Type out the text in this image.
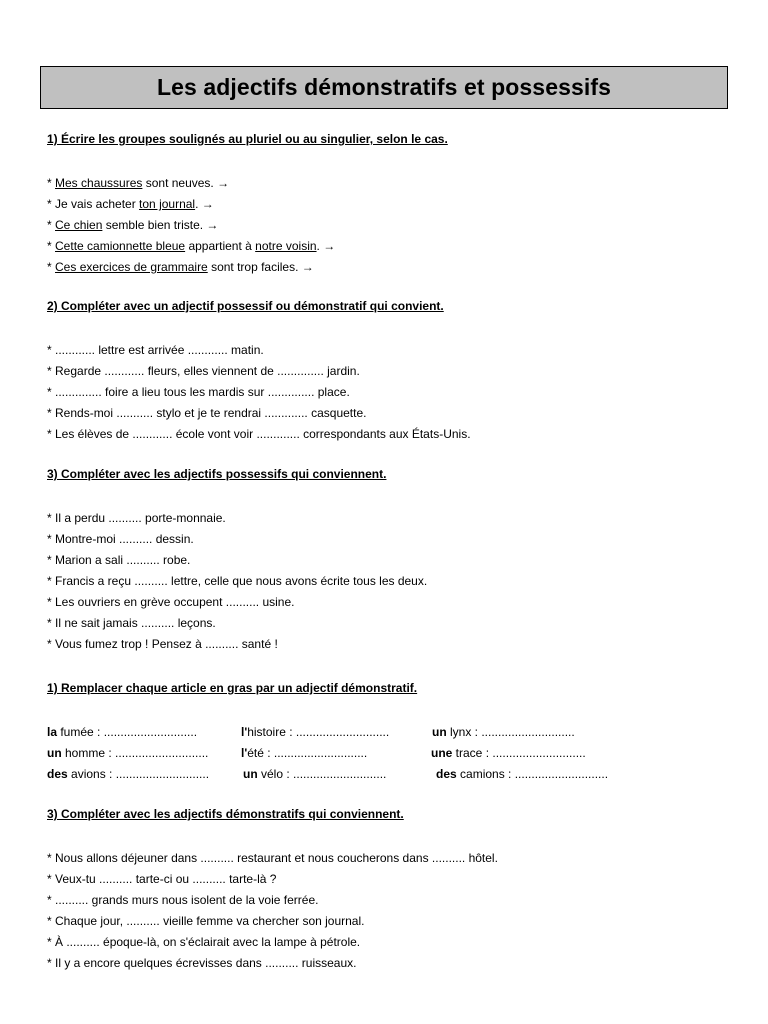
Les adjectifs démonstratifs et possessifs
1) Écrire les groupes soulignés au pluriel ou au singulier, selon le cas.
* Mes chaussures sont neuves. →
* Je vais acheter ton journal. →
* Ce chien semble bien triste. →
* Cette camionnette bleue appartient à notre voisin. →
* Ces exercices de grammaire sont trop faciles. →
2) Compléter avec un adjectif possessif ou démonstratif qui convient.
* ............ lettre est arrivée ............ matin.
* Regarde ............ fleurs, elles viennent de .............. jardin.
* .............. foire a lieu tous les mardis sur .............. place.
* Rends-moi ........... stylo et je te rendrai ............. casquette.
* Les élèves de ............ école vont voir ............. correspondants aux États-Unis.
3) Compléter avec les adjectifs possessifs qui conviennent.
* Il a perdu .......... porte-monnaie.
* Montre-moi .......... dessin.
* Marion a sali .......... robe.
* Francis a reçu .......... lettre, celle que nous avons écrite tous les deux.
* Les ouvriers en grève occupent .......... usine.
* Il ne sait jamais .......... leçons.
* Vous fumez trop ! Pensez à .......... santé !
1) Remplacer chaque article en gras par un adjectif démonstratif.
la fumée : ............................	l'histoire : ............................	un lynx : ............................
un homme : ............................	l'été : ............................	une trace : ............................
des avions : ............................	un vélo : ............................	des camions : ............................
3) Compléter avec les adjectifs démonstratifs qui conviennent.
* Nous allons déjeuner dans .......... restaurant et nous coucherons dans .......... hôtel.
* Veux-tu .......... tarte-ci ou .......... tarte-là ?
* .......... grands murs nous isolent de la voie ferrée.
* Chaque jour, .......... vieille femme va chercher son journal.
* À .......... époque-là, on s'éclairait avec la lampe à pétrole.
* Il y a encore quelques écrevisses dans .......... ruisseaux.
